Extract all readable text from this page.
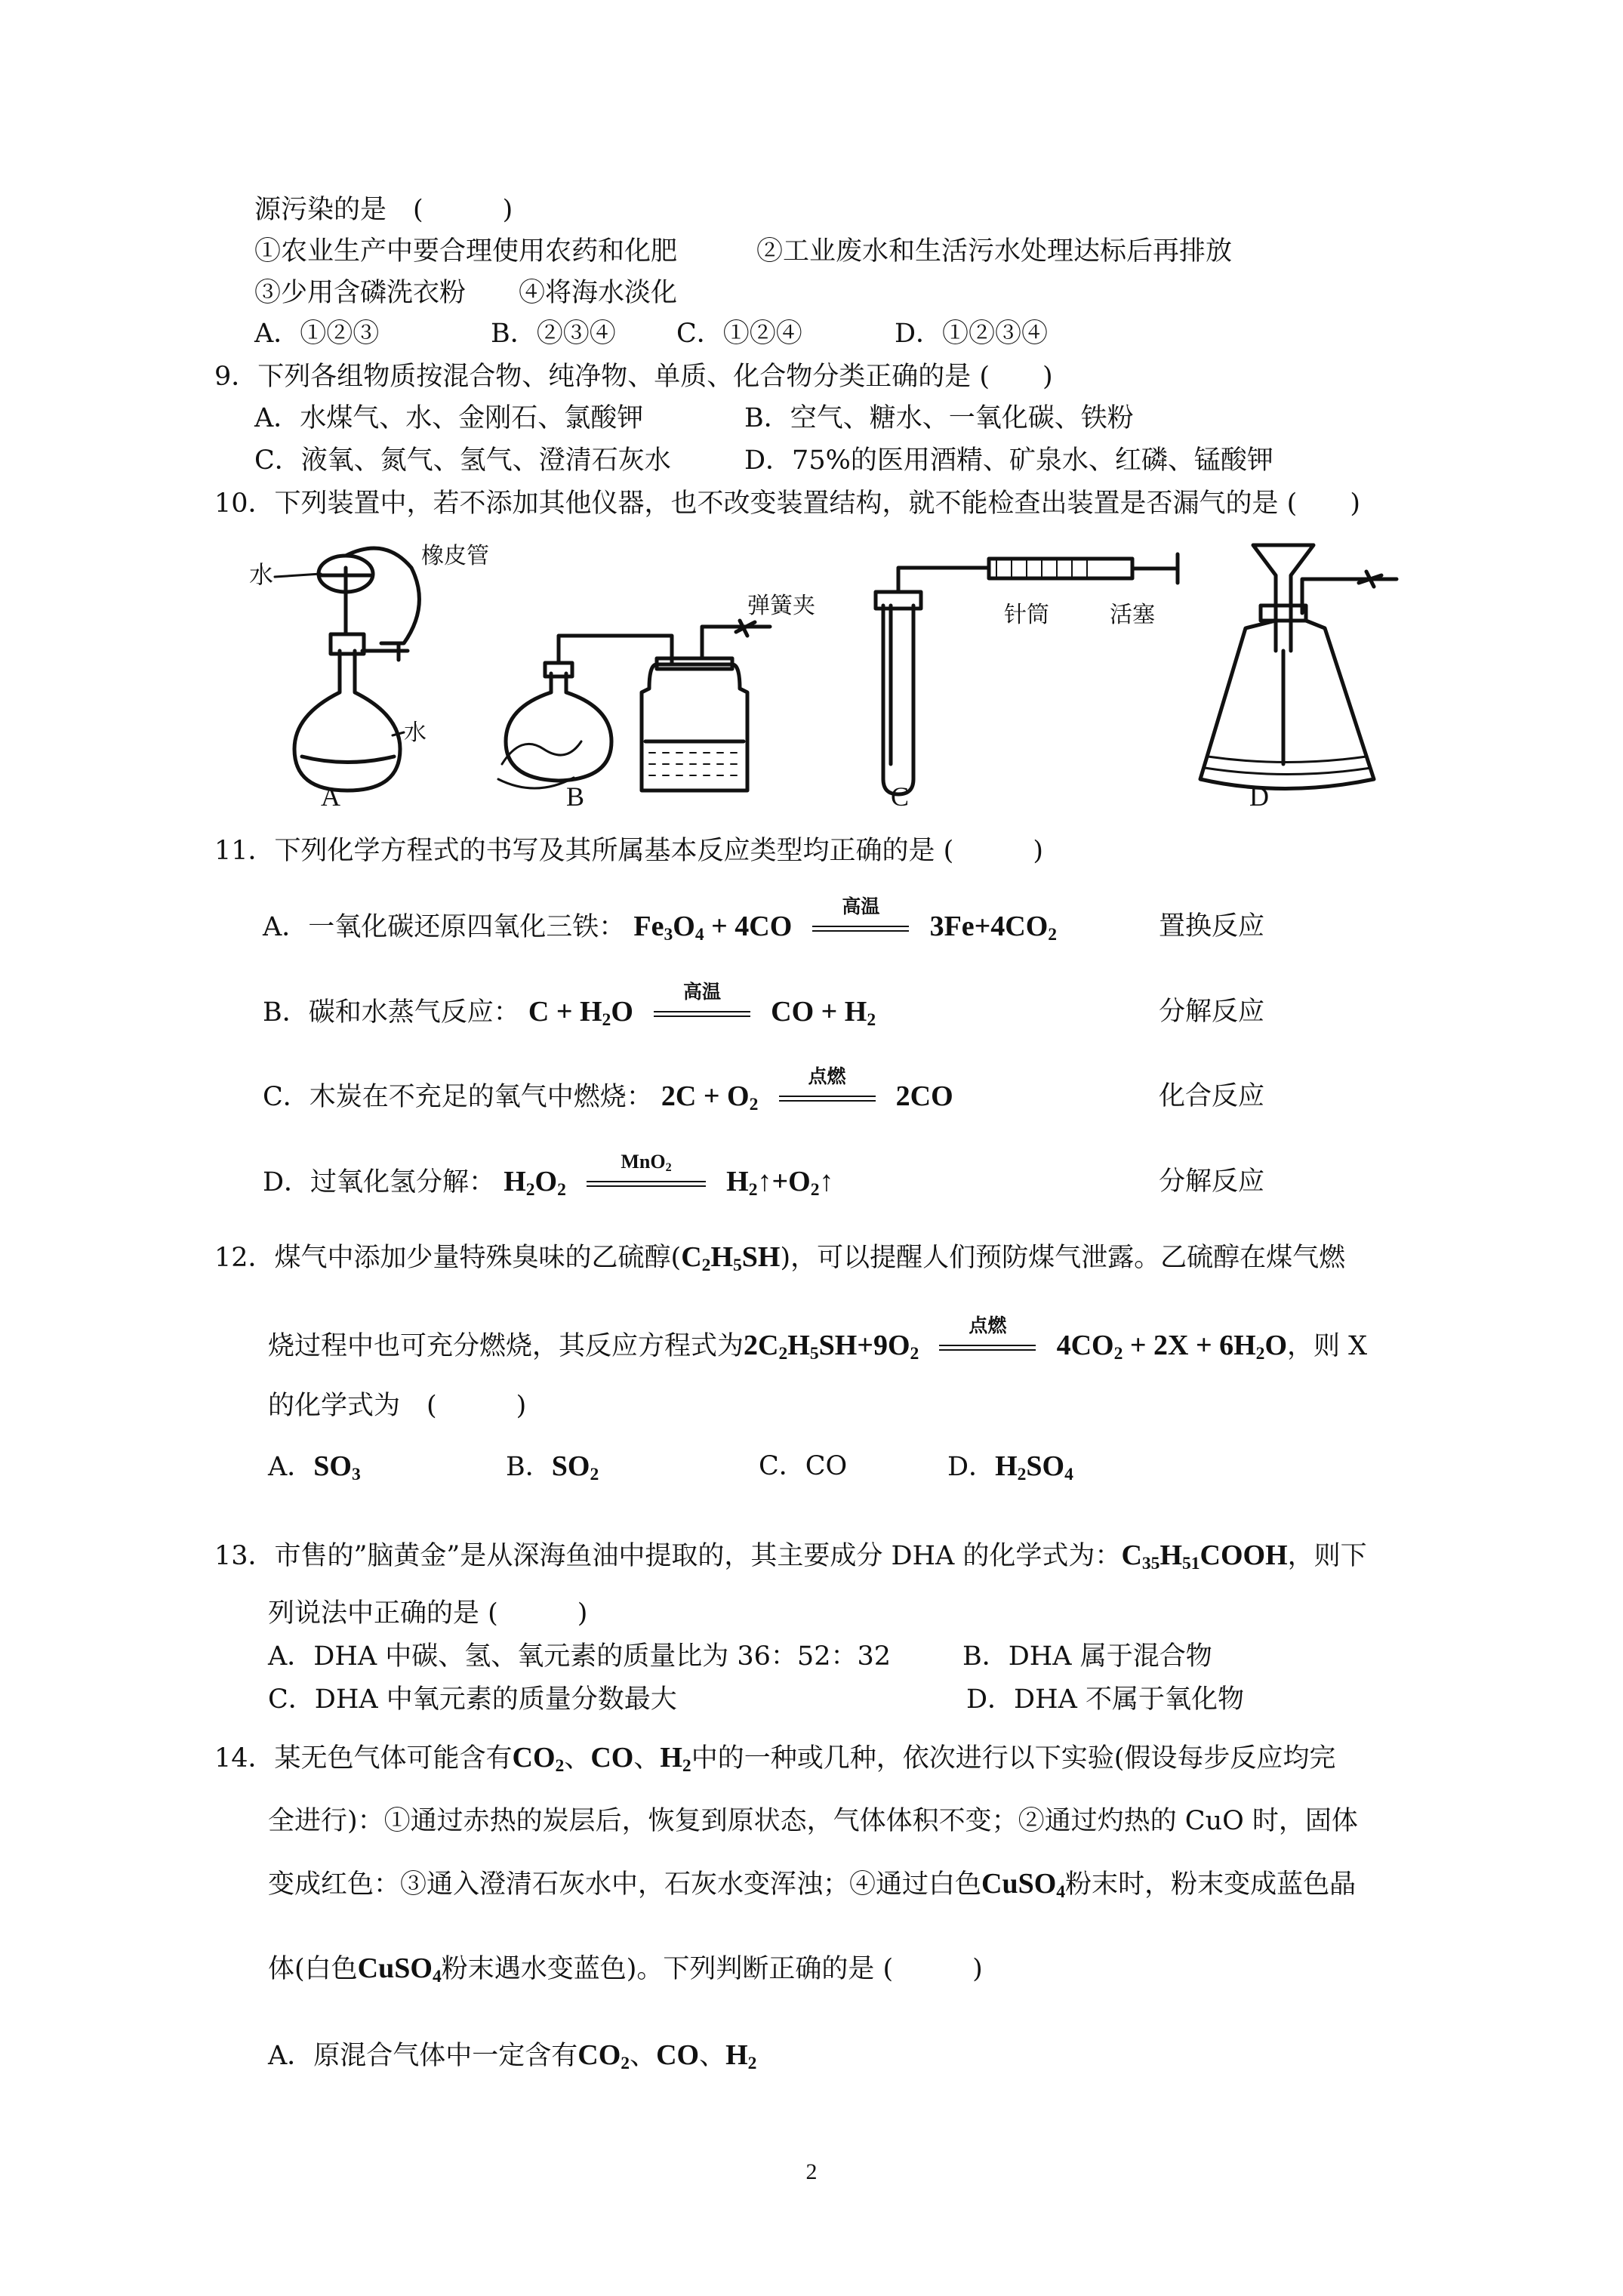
源污染的是　(　　　)
①农业生产中要合理使用农药和化肥　　　②工业废水和生活污水处理达标后再排放
③少用含磷洗衣粉　　④将海水淡化
A．①②③	B．②③④ C．①②④	D．①②③④
9．下列各组物质按混合物、纯净物、单质、化合物分类正确的是 (　　)
A．水煤气、水、金刚石、氯酸钾	B．空气、糖水、一氧化碳、铁粉
C．液氧、氮气、氢气、澄清石灰水	D．75%的医用酒精、矿泉水、红磷、锰酸钾
10．下列装置中，若不添加其他仪器，也不改变装置结构，就不能检查出装置是否漏气的是 (　　)
水
橡皮管
水
弹簧夹	针筒	活塞
A	B	C	D
11．下列化学方程式的书写及其所属基本反应类型均正确的是 (　　　)
A．一氧化碳还原四氧化三铁： $Fe_3O_4 + 4CO$
高温
$3Fe+4CO_2$	置换反应
B．碳和水蒸气反应： $C + H_2O$
高温
CO + $H_2$	分解反应
C．木炭在不充足的氧气中燃烧： $2C + O_2$
点燃
2CO	化合反应
D．过氧化氢分解： $H_2O_2$
MnO$_2$	$H_2↑+O_2↑$	分解反应
12．煤气中添加少量特殊臭味的乙硫醇$(C_2H_5SH)$，可以提醒人们预防煤气泄露。乙硫醇在煤气燃
烧过程中也可充分燃烧，其反应方程式为$2C_2H_5SH+9O_2$
点燃
$4CO_2 + 2X + 6H_2O$，则 X
的化学式为　(　　　)
A．$SO_3$	B．$SO_2$	C．CO	D．$H_2SO_4$
13．市售的”脑黄金”是从深海鱼油中提取的，其主要成分 DHA 的化学式为：$C_{35}H_{51}COOH$，则下
列说法中正确的是 (　　　)
A．DHA 中碳、氢、氧元素的质量比为 36：52：32	B．DHA 属于混合物
C．DHA 中氧元素的质量分数最大	D．DHA 不属于氧化物
14．某无色气体可能含有$CO_2$、CO、$H_2$中的一种或几种，依次进行以下实验(假设每步反应均完
全进行)：①通过赤热的炭层后，恢复到原状态，气体体积不变；②通过灼热的 CuO 时，固体
变成红色：③通入澄清石灰水中，石灰水变浑浊；④通过白色CuSO$_4$粉末时，粉末变成蓝色晶
体(白色CuSO$_4$粉末遇水变蓝色)。下列判断正确的是 (　　　)
A．原混合气体中一定含有$CO_2$、CO、$H_2$
2
